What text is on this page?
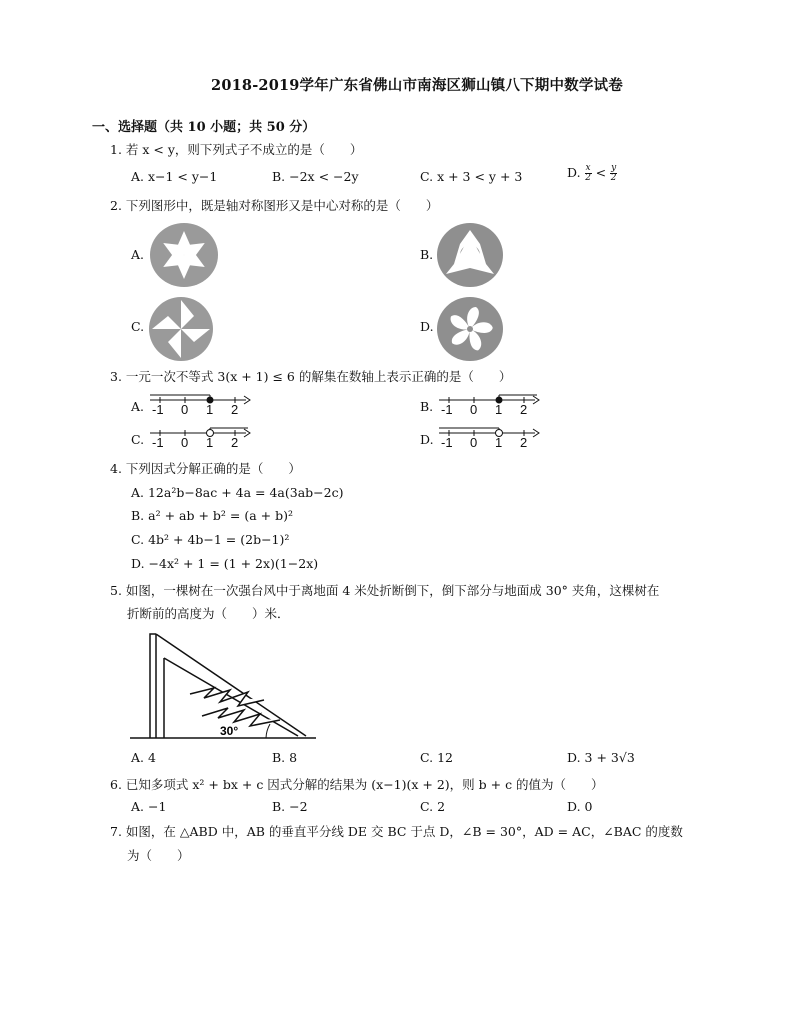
2018-2019学年广东省佛山市南海区狮山镇八下期中数学试卷
一、选择题（共 10 小题；共 50 分）
1. 若 x < y，则下列式子不成立的是（　　）
A. x−1 < y−1	B. −2x < −2y	C. x + 3 < y + 3	D. $\frac{x}{2} < \frac{y}{2}$
2. 下列图形中，既是轴对称图形又是中心对称的是（　　）
A.	B.
C.	D.
3. 一元一次不等式 3(x + 1) ≤ 6 的解集在数轴上表示正确的是（　　）
A. -1 0 1 2	B. -1 0 1 2
C. -1 0 1 2	D. -1 0 1 2
4. 下列因式分解正确的是（　　）
A. 12a²b−8ac + 4a = 4a(3ab−2c)
B. a² + ab + b² = (a + b)²
C. 4b² + 4b−1 = (2b−1)²
D. −4x² + 1 = (1 + 2x)(1−2x)
5. 如图，一棵树在一次强台风中于离地面 4 米处折断倒下，倒下部分与地面成 30° 夹角，这棵树在
折断前的高度为（　　）米．
30°
A. 4	B. 8	C. 12	D. 3 + 3√3
6. 已知多项式 x² + bx + c 因式分解的结果为 (x−1)(x + 2)，则 b + c 的值为（　　）
A. −1	B. −2	C. 2	D. 0
7. 如图，在 △ABD 中，AB 的垂直平分线 DE 交 BC 于点 D，∠B = 30°，AD = AC，∠BAC 的度数
为（　　）
